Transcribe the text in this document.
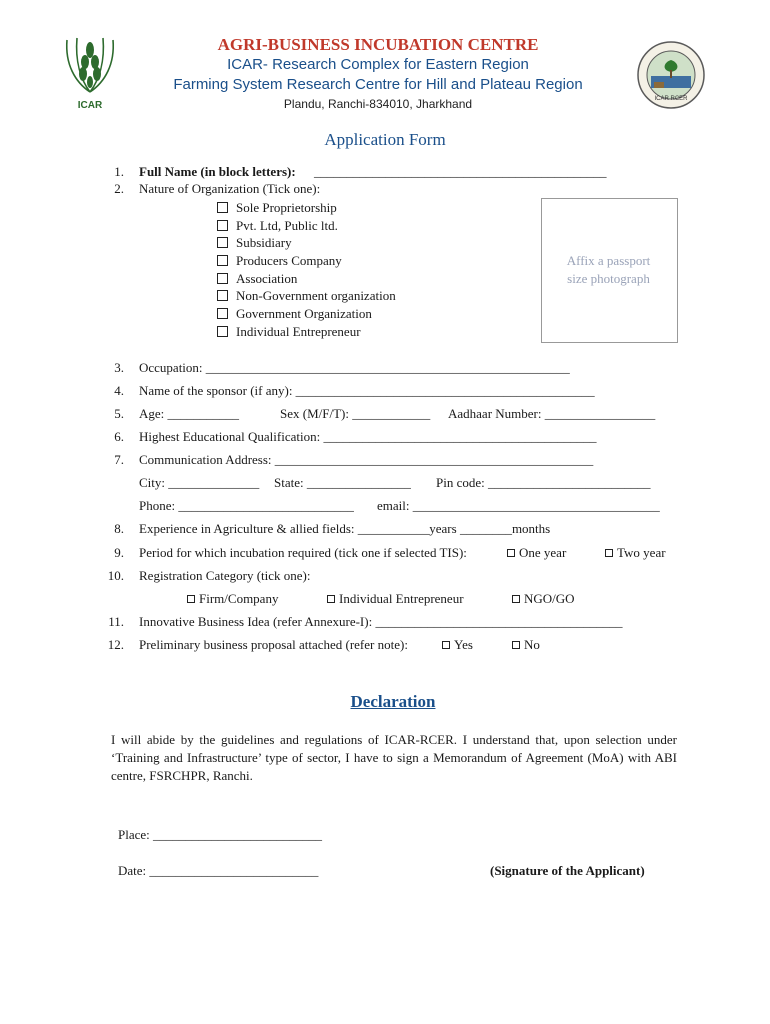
ICAR
ICAR RCER
AGRI-BUSINESS INCUBATION CENTRE
ICAR- Research Complex for Eastern Region
Farming System Research Centre for Hill and Plateau Region
Plandu, Ranchi-834010, Jharkhand
Application Form
1. Full Name (in block letters): _____________________________________________
2. Nature of Organization (Tick one):
Sole Proprietorship
Pvt. Ltd, Public ltd.
Subsidiary
Producers Company
Association
Non-Government organization
Government Organization
Individual Entrepreneur
Affix a passport
size photograph
3. Occupation: ________________________________________________________
4. Name of the sponsor (if any): ______________________________________________
5. Age: ___________	Sex (M/F/T): ____________ Aadhaar Number: _________________
6. Highest Educational Qualification: __________________________________________
7. Communication Address: _________________________________________________
City: ______________ State: ________________ Pin code: _________________________
Phone: ___________________________ email: ______________________________________
8. Experience in Agriculture & allied fields: ___________years ________months
9. Period for which incubation required (tick one if selected TIS):	One year	Two year
10. Registration Category (tick one):
Firm/Company	Individual Entrepreneur	NGO/GO
11. Innovative Business Idea (refer Annexure-I): ______________________________________
12. Preliminary business proposal attached (refer note):	Yes	No
Declaration
I will abide by the guidelines and regulations of ICAR-RCER. I understand that, upon selection under ‘Training and Infrastructure’ type of sector, I have to sign a Memorandum of Agreement (MoA) with ABI centre, FSRCHPR, Ranchi.
Place: __________________________
Date: __________________________	(Signature of the Applicant)
